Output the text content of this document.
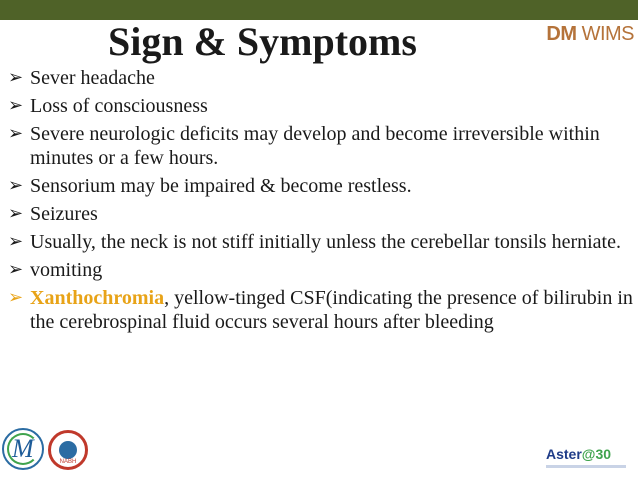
Sign & Symptoms	DM WIMS
➢ Sever headache
➢ Loss of consciousness
➢ Severe neurologic deficits may develop and become irreversible within minutes or a few hours.
➢ Sensorium may be impaired & become restless.
➢ Seizures
➢ Usually, the neck is not stiff initially unless the cerebellar tonsils herniate.
➢ vomiting
➢ Xanthochromia, yellow-tinged CSF(indicating the presence of bilirubin in the cerebrospinal fluid occurs several hours after bleeding
M	NABH	Aster@30
